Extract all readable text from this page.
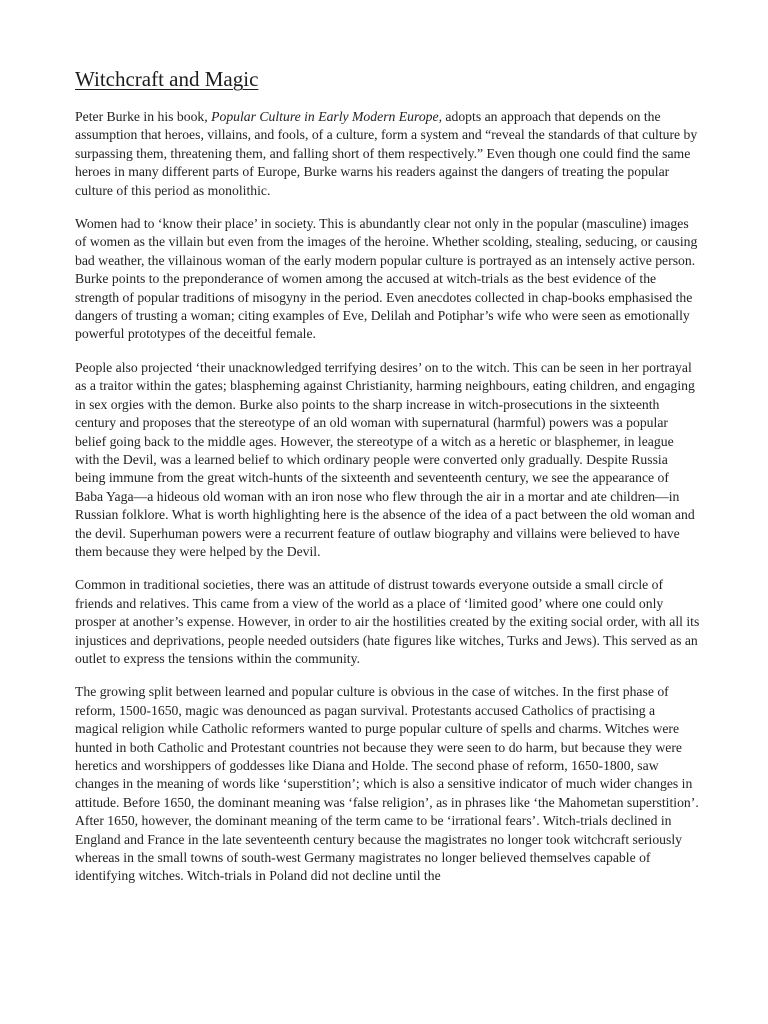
Witchcraft and Magic

Peter Burke in his book, Popular Culture in Early Modern Europe, adopts an approach that depends on the assumption that heroes, villains, and fools, of a culture, form a system and “reveal the standards of that culture by surpassing them, threatening them, and falling short of them respectively.” Even though one could find the same heroes in many different parts of Europe, Burke warns his readers against the dangers of treating the popular culture of this period as monolithic.

Women had to ‘know their place’ in society. This is abundantly clear not only in the popular (masculine) images of women as the villain but even from the images of the heroine. Whether scolding, stealing, seducing, or causing bad weather, the villainous woman of the early modern popular culture is portrayed as an intensely active person. Burke points to the preponderance of women among the accused at witch-trials as the best evidence of the strength of popular traditions of misogyny in the period. Even anecdotes collected in chap-books emphasised the dangers of trusting a woman; citing examples of Eve, Delilah and Potiphar’s wife who were seen as emotionally powerful prototypes of the deceitful female.

People also projected ‘their unacknowledged terrifying desires’ on to the witch. This can be seen in her portrayal as a traitor within the gates; blaspheming against Christianity, harming neighbours, eating children, and engaging in sex orgies with the demon. Burke also points to the sharp increase in witch-prosecutions in the sixteenth century and proposes that the stereotype of an old woman with supernatural (harmful) powers was a popular belief going back to the middle ages. However, the stereotype of a witch as a heretic or blasphemer, in league with the Devil, was a learned belief to which ordinary people were converted only gradually. Despite Russia being immune from the great witch-hunts of the sixteenth and seventeenth century, we see the appearance of Baba Yaga—a hideous old woman with an iron nose who flew through the air in a mortar and ate children—in Russian folklore. What is worth highlighting here is the absence of the idea of a pact between the old woman and the devil. Superhuman powers were a recurrent feature of outlaw biography and villains were believed to have them because they were helped by the Devil.

Common in traditional societies, there was an attitude of distrust towards everyone outside a small circle of friends and relatives. This came from a view of the world as a place of ‘limited good’ where one could only prosper at another’s expense. However, in order to air the hostilities created by the exiting social order, with all its injustices and deprivations, people needed outsiders (hate figures like witches, Turks and Jews). This served as an outlet to express the tensions within the community.

The growing split between learned and popular culture is obvious in the case of witches. In the first phase of reform, 1500-1650, magic was denounced as pagan survival. Protestants accused Catholics of practising a magical religion while Catholic reformers wanted to purge popular culture of spells and charms. Witches were hunted in both Catholic and Protestant countries not because they were seen to do harm, but because they were heretics and worshippers of goddesses like Diana and Holde. The second phase of reform, 1650-1800, saw changes in the meaning of words like ‘superstition’; which is also a sensitive indicator of much wider changes in attitude. Before 1650, the dominant meaning was ‘false religion’, as in phrases like ‘the Mahometan superstition’. After 1650, however, the dominant meaning of the term came to be ‘irrational fears’. Witch-trials declined in England and France in the late seventeenth century because the magistrates no longer took witchcraft seriously whereas in the small towns of south-west Germany magistrates no longer believed themselves capable of identifying witches. Witch-trials in Poland did not decline until the
